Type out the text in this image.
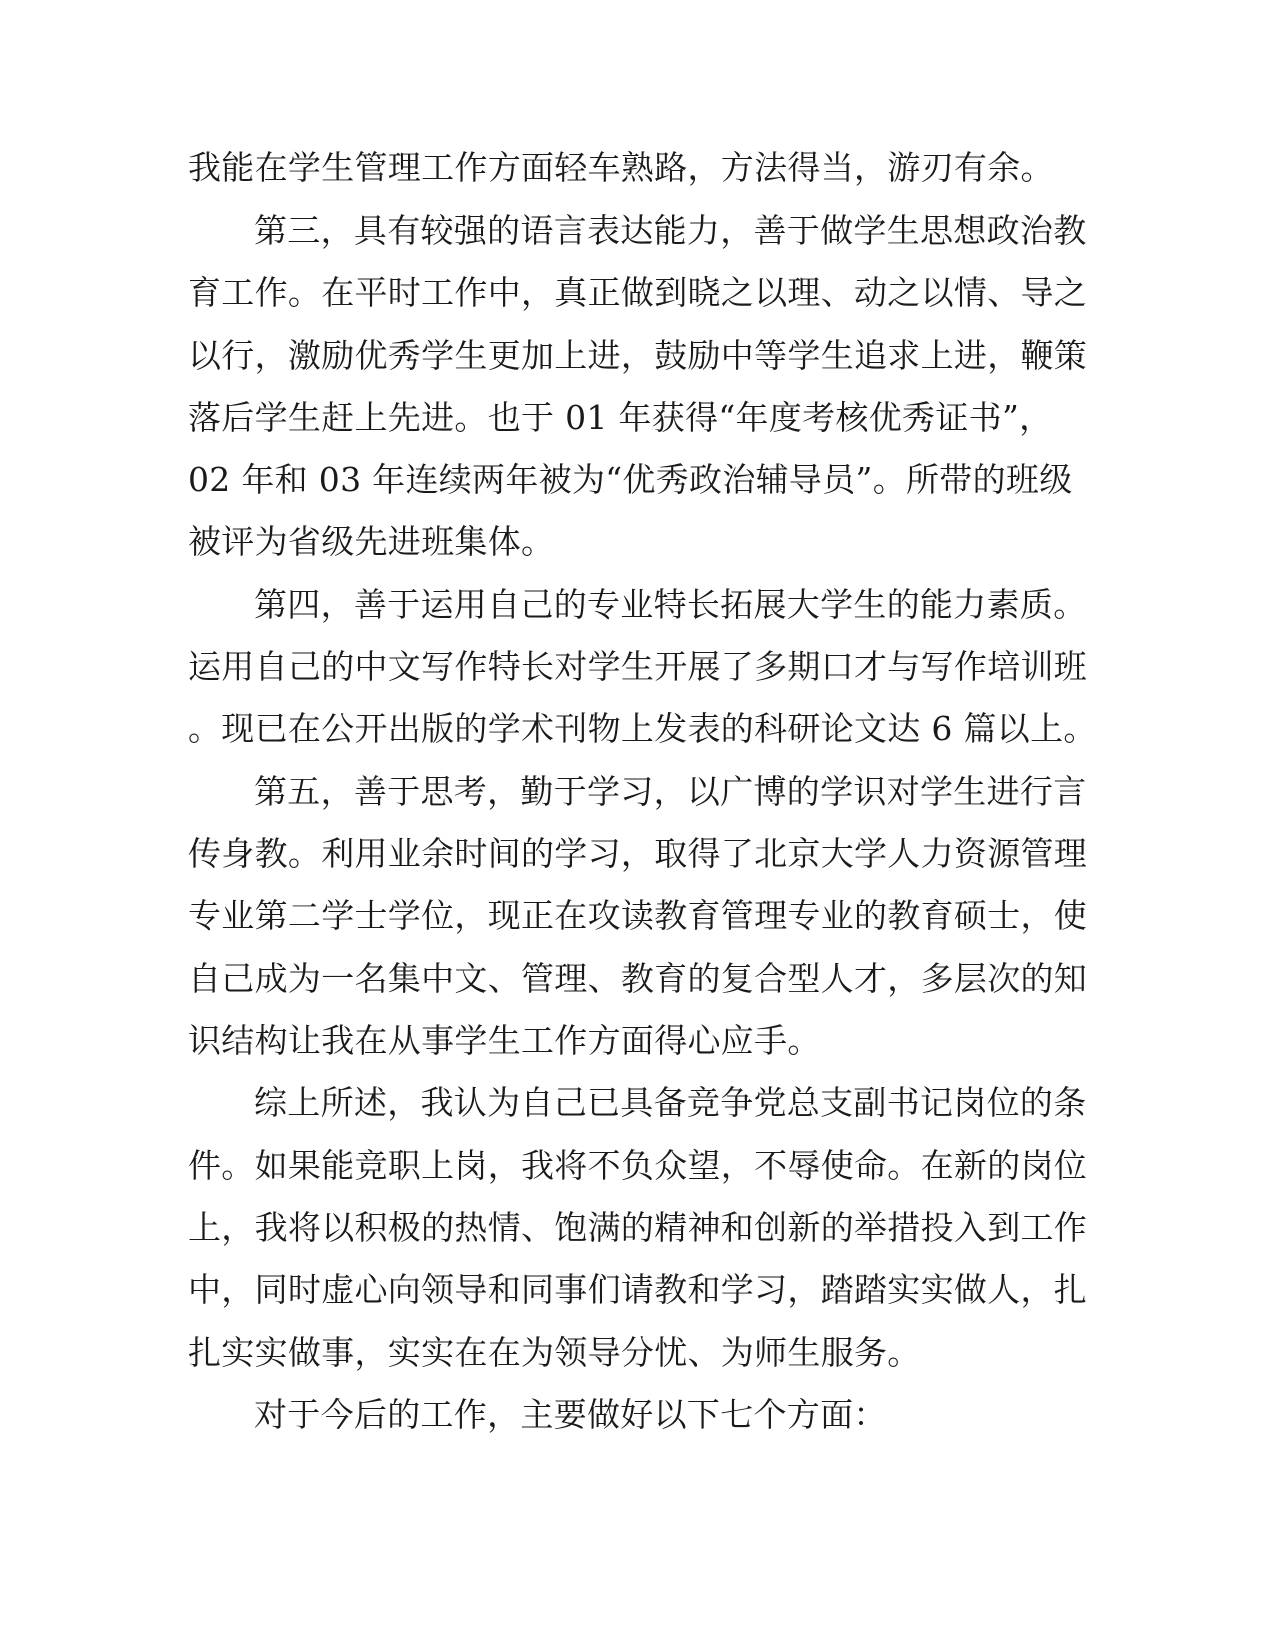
我能在学生管理工作方面轻车熟路，方法得当，游刃有余。
第三，具有较强的语言表达能力，善于做学生思想政治教
育工作。在平时工作中，真正做到晓之以理、动之以情、导之
以行，激励优秀学生更加上进，鼓励中等学生追求上进，鞭策
落后学生赶上先进。也于 01 年获得“年度考核优秀证书”，
02 年和 03 年连续两年被为“优秀政治辅导员”。所带的班级
被评为省级先进班集体。
第四，善于运用自己的专业特长拓展大学生的能力素质。
运用自己的中文写作特长对学生开展了多期口才与写作培训班
。现已在公开出版的学术刊物上发表的科研论文达 6 篇以上。
第五，善于思考，勤于学习，以广博的学识对学生进行言
传身教。利用业余时间的学习，取得了北京大学人力资源管理
专业第二学士学位，现正在攻读教育管理专业的教育硕士，使
自己成为一名集中文、管理、教育的复合型人才，多层次的知
识结构让我在从事学生工作方面得心应手。
综上所述，我认为自己已具备竞争党总支副书记岗位的条
件。如果能竞职上岗，我将不负众望，不辱使命。在新的岗位
上，我将以积极的热情、饱满的精神和创新的举措投入到工作
中，同时虚心向领导和同事们请教和学习，踏踏实实做人，扎
扎实实做事，实实在在为领导分忧、为师生服务。
对于今后的工作，主要做好以下七个方面：
